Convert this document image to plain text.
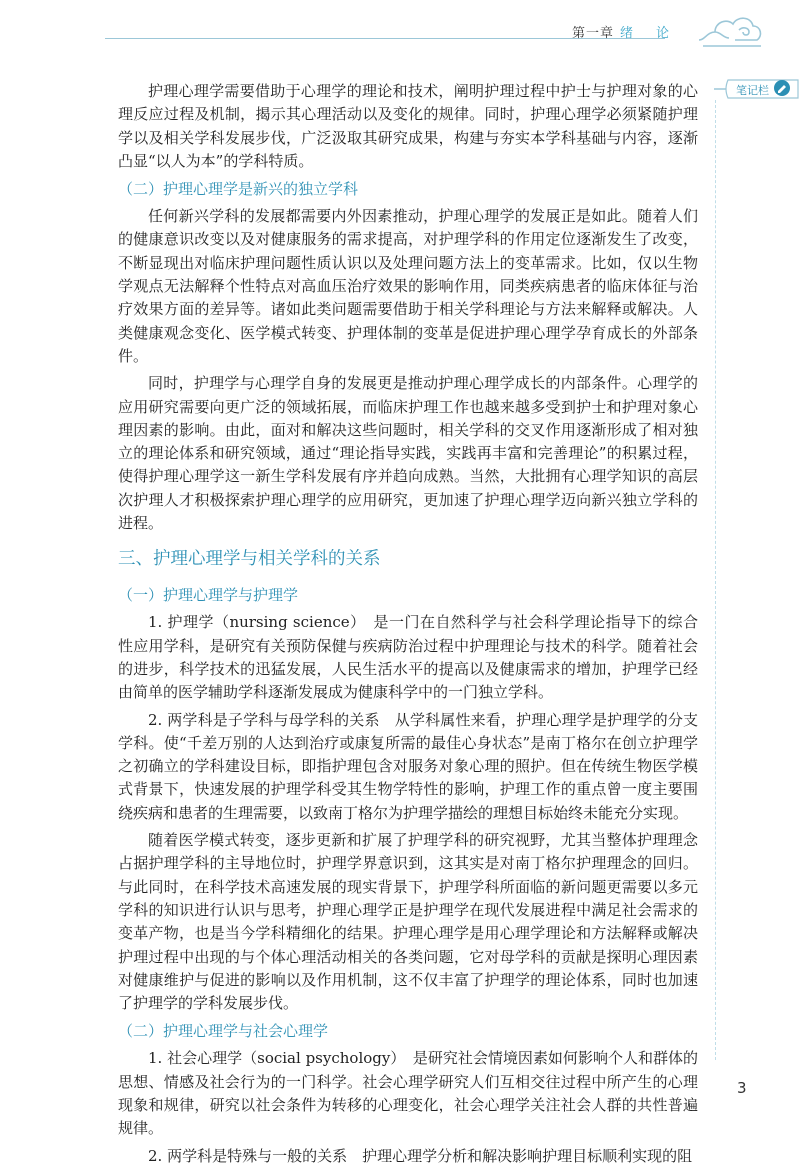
第一章 绪 论
笔记栏
护理心理学需要借助于心理学的理论和技术，阐明护理过程中护士与护理对象的心理反应过程及机制，揭示其心理活动以及变化的规律。同时，护理心理学必须紧随护理学以及相关学科发展步伐，广泛汲取其研究成果，构建与夯实本学科基础与内容，逐渐凸显“以人为本”的学科特质。
（二）护理心理学是新兴的独立学科
任何新兴学科的发展都需要内外因素推动，护理心理学的发展正是如此。随着人们的健康意识改变以及对健康服务的需求提高，对护理学科的作用定位逐渐发生了改变，不断显现出对临床护理问题性质认识以及处理问题方法上的变革需求。比如，仅以生物学观点无法解释个性特点对高血压治疗效果的影响作用，同类疾病患者的临床体征与治疗效果方面的差异等。诸如此类问题需要借助于相关学科理论与方法来解释或解决。人类健康观念变化、医学模式转变、护理体制的变革是促进护理心理学孕育成长的外部条件。
同时，护理学与心理学自身的发展更是推动护理心理学成长的内部条件。心理学的应用研究需要向更广泛的领域拓展，而临床护理工作也越来越多受到护士和护理对象心理因素的影响。由此，面对和解决这些问题时，相关学科的交叉作用逐渐形成了相对独立的理论体系和研究领域，通过“理论指导实践，实践再丰富和完善理论”的积累过程，使得护理心理学这一新生学科发展有序并趋向成熟。当然，大批拥有心理学知识的高层次护理人才积极探索护理心理学的应用研究，更加速了护理心理学迈向新兴独立学科的进程。
三、护理心理学与相关学科的关系
（一）护理心理学与护理学
1. 护理学（nursing science）　是一门在自然科学与社会科学理论指导下的综合性应用学科，是研究有关预防保健与疾病防治过程中护理理论与技术的科学。随着社会的进步，科学技术的迅猛发展，人民生活水平的提高以及健康需求的增加，护理学已经由简单的医学辅助学科逐渐发展成为健康科学中的一门独立学科。
2. 两学科是子学科与母学科的关系　从学科属性来看，护理心理学是护理学的分支学科。使“千差万别的人达到治疗或康复所需的最佳心身状态”是南丁格尔在创立护理学之初确立的学科建设目标，即指护理包含对服务对象心理的照护。但在传统生物医学模式背景下，快速发展的护理学科受其生物学特性的影响，护理工作的重点曾一度主要围绕疾病和患者的生理需要，以致南丁格尔为护理学描绘的理想目标始终未能充分实现。
随着医学模式转变，逐步更新和扩展了护理学科的研究视野，尤其当整体护理理念占据护理学科的主导地位时，护理学界意识到，这其实是对南丁格尔护理理念的回归。与此同时，在科学技术高速发展的现实背景下，护理学科所面临的新问题更需要以多元学科的知识进行认识与思考，护理心理学正是护理学在现代发展进程中满足社会需求的变革产物，也是当今学科精细化的结果。护理心理学是用心理学理论和方法解释或解决护理过程中出现的与个体心理活动相关的各类问题，它对母学科的贡献是探明心理因素对健康维护与促进的影响以及作用机制，这不仅丰富了护理学的理论体系，同时也加速了护理学的学科发展步伐。
（二）护理心理学与社会心理学
1. 社会心理学（social psychology）　是研究社会情境因素如何影响个人和群体的思想、情感及社会行为的一门科学。社会心理学研究人们互相交往过程中所产生的心理现象和规律，研究以社会条件为转移的心理变化，社会心理学关注社会人群的共性普遍规律。
2. 两学科是特殊与一般的关系　护理心理学分析和解决影响护理目标顺利实现的阻
3
